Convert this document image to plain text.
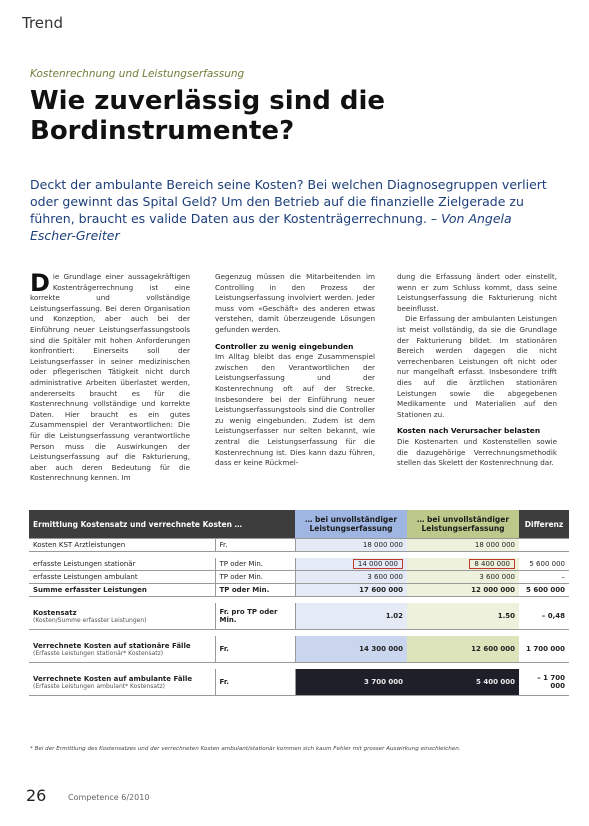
Trend
Kostenrechnung und Leistungserfassung
Wie zuverlässig sind die Bordinstrumente?
Deckt der ambulante Bereich seine Kosten? Bei welchen Diagnosegruppen verliert oder gewinnt das Spital Geld? Um den Betrieb auf die finanzielle Zielgerade zu führen, braucht es valide Daten aus der Kostenträgerrechnung. – Von Angela Escher-Greiter
D ie Grundlage einer aussagekräftigen Kostenträgerrechnung ist eine korrekte und vollständige Leistungserfassung. Bei deren Organisation und Konzeption, aber auch bei der Einführung neuer Leistungserfassungstools sind die Spitäler mit hohen Anforderungen konfrontiert: Einerseits soll der Leistungserfasser in seiner medizinischen oder pflegerischen Tätigkeit nicht durch administrative Arbeiten überlastet werden, andererseits braucht es für die Kostenrechnung vollständige und korrekte Daten. Hier braucht es ein gutes Zusammenspiel der Verantwortlichen: Die für die Leistungserfassung verantwortliche Person muss die Auswirkungen der Leistungserfassung auf die Fakturierung, aber auch deren Bedeutung für die Kostenrechnung kennen. Im

Gegenzug müssen die Mitarbeitenden im Controlling in den Prozess der Leistungserfassung involviert werden. Jeder muss vom «Geschäft» des anderen etwas verstehen, damit überzeugende Lösungen gefunden werden.

Controller zu wenig eingebunden

Im Alltag bleibt das enge Zusammenspiel zwischen den Verantwortlichen der Leistungserfassung und der Kostenrechnung oft auf der Strecke. Insbesondere bei der Einführung neuer Leistungserfassungstools sind die Controller zu wenig eingebunden. Zudem ist dem Leistungserfasser nur selten bekannt, wie zentral die Leistungserfassung für die Kostenrechnung ist. Dies kann dazu führen, dass er keine Rückmel-

dung die Erfassung ändert oder einstellt, wenn er zum Schluss kommt, dass seine Leistungserfassung die Fakturierung nicht beeinflusst.

Die Erfassung der ambulanten Leistungen ist meist vollständig, da sie die Grundlage der Fakturierung bildet. Im stationären Bereich werden dagegen die nicht verrechenbaren Leistungen oft nicht oder nur mangelhaft erfasst. Insbesondere trifft dies auf die ärztlichen stationären Leistungen sowie die abgegebenen Medikamente und Materialien auf den Stationen zu.

Kosten nach Verursacher belasten

Die Kostenarten und Kostenstellen sowie die dazugehörige Verrechnungsmethodik stellen das Skelett der Kostenrechnung dar.

Ermittlung Kostensatz und verrechnete Kosten …		… bei unvollständiger Leistungserfassung	… bei unvollständiger Leistungserfassung	Differenz
Kosten KST Arztleistungen	Fr.	18 000 000	18 000 000	

erfasste Leistungen stationär	TP oder Min.	14 000 000	8 400 000	5 600 000
erfasste Leistungen ambulant	TP oder Min.	3 600 000	3 600 000	–
Summe erfasster Leistungen	TP oder Min.	17 600 000	12 000 000	5 600 000

Kostensatz
(Kosten/Summe erfasster Leistungen)	Fr. pro TP oder Min.	1.02	1.50	– 0,48

Verrechnete Kosten auf stationäre Fälle
(Erfasste Leistungen stationär* Kostensatz)	Fr.	14 300 000	12 600 000	1 700 000

Verrechnete Kosten auf ambulante Fälle
(Erfasste Leistungen ambulant* Kostensatz)	Fr.	3 700 000	5 400 000	– 1 700 000
* Bei der Ermittlung des Kostensatzes und der verrechneten Kosten ambulant/stationär kommen sich kaum Fehler mit grosser Auswirkung einschleichen.
26	Competence 6/2010
